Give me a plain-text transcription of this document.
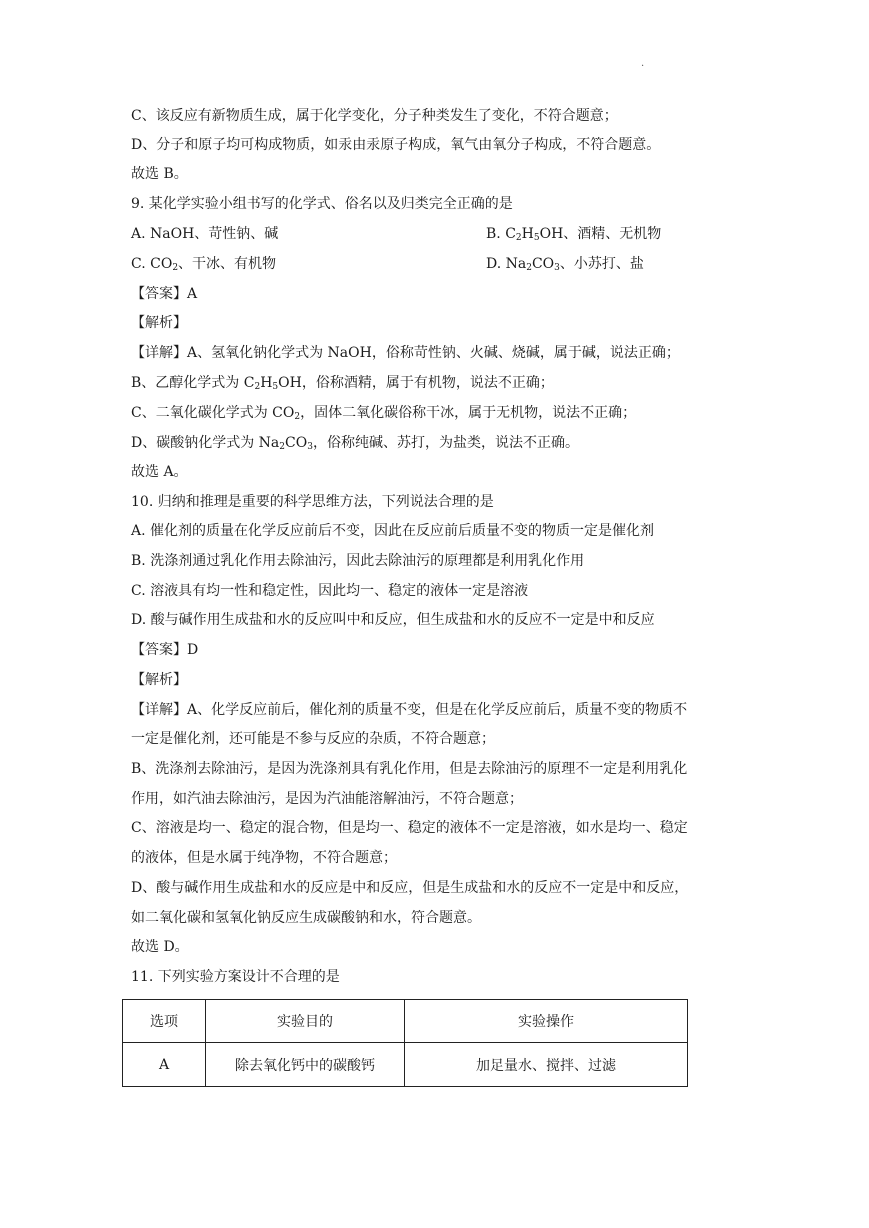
.
C、该反应有新物质生成，属于化学变化，分子种类发生了变化，不符合题意；
D、分子和原子均可构成物质，如汞由汞原子构成，氧气由氧分子构成，不符合题意。
故选 B。
9. 某化学实验小组书写的化学式、俗名以及归类完全正确的是
A. NaOH、苛性钠、碱	B. $C_2H_5OH$、酒精、无机物
C. $CO_2$、干冰、有机物	D. $Na_2CO_3$、小苏打、盐
【答案】A
【解析】
【详解】A、氢氧化钠化学式为 NaOH，俗称苛性钠、火碱、烧碱，属于碱，说法正确；
B、乙醇化学式为 $C_2H_5OH$，俗称酒精，属于有机物，说法不正确；
C、二氧化碳化学式为 $CO_2$，固体二氧化碳俗称干冰，属于无机物，说法不正确；
D、碳酸钠化学式为 $Na_2CO_3$，俗称纯碱、苏打，为盐类，说法不正确。
故选 A。
10. 归纳和推理是重要的科学思维方法，下列说法合理的是
A. 催化剂的质量在化学反应前后不变，因此在反应前后质量不变的物质一定是催化剂
B. 洗涤剂通过乳化作用去除油污，因此去除油污的原理都是利用乳化作用
C. 溶液具有均一性和稳定性，因此均一、稳定的液体一定是溶液
D. 酸与碱作用生成盐和水的反应叫中和反应，但生成盐和水的反应不一定是中和反应
【答案】D
【解析】
【详解】A、化学反应前后，催化剂的质量不变，但是在化学反应前后，质量不变的物质不
一定是催化剂，还可能是不参与反应的杂质，不符合题意；
B、洗涤剂去除油污，是因为洗涤剂具有乳化作用，但是去除油污的原理不一定是利用乳化
作用，如汽油去除油污，是因为汽油能溶解油污，不符合题意；
C、溶液是均一、稳定的混合物，但是均一、稳定的液体不一定是溶液，如水是均一、稳定
的液体，但是水属于纯净物，不符合题意；
D、酸与碱作用生成盐和水的反应是中和反应，但是生成盐和水的反应不一定是中和反应，
如二氧化碳和氢氧化钠反应生成碳酸钠和水，符合题意。
故选 D。
11. 下列实验方案设计不合理的是
选项	实验目的	实验操作
A	除去氧化钙中的碳酸钙	加足量水、搅拌、过滤
